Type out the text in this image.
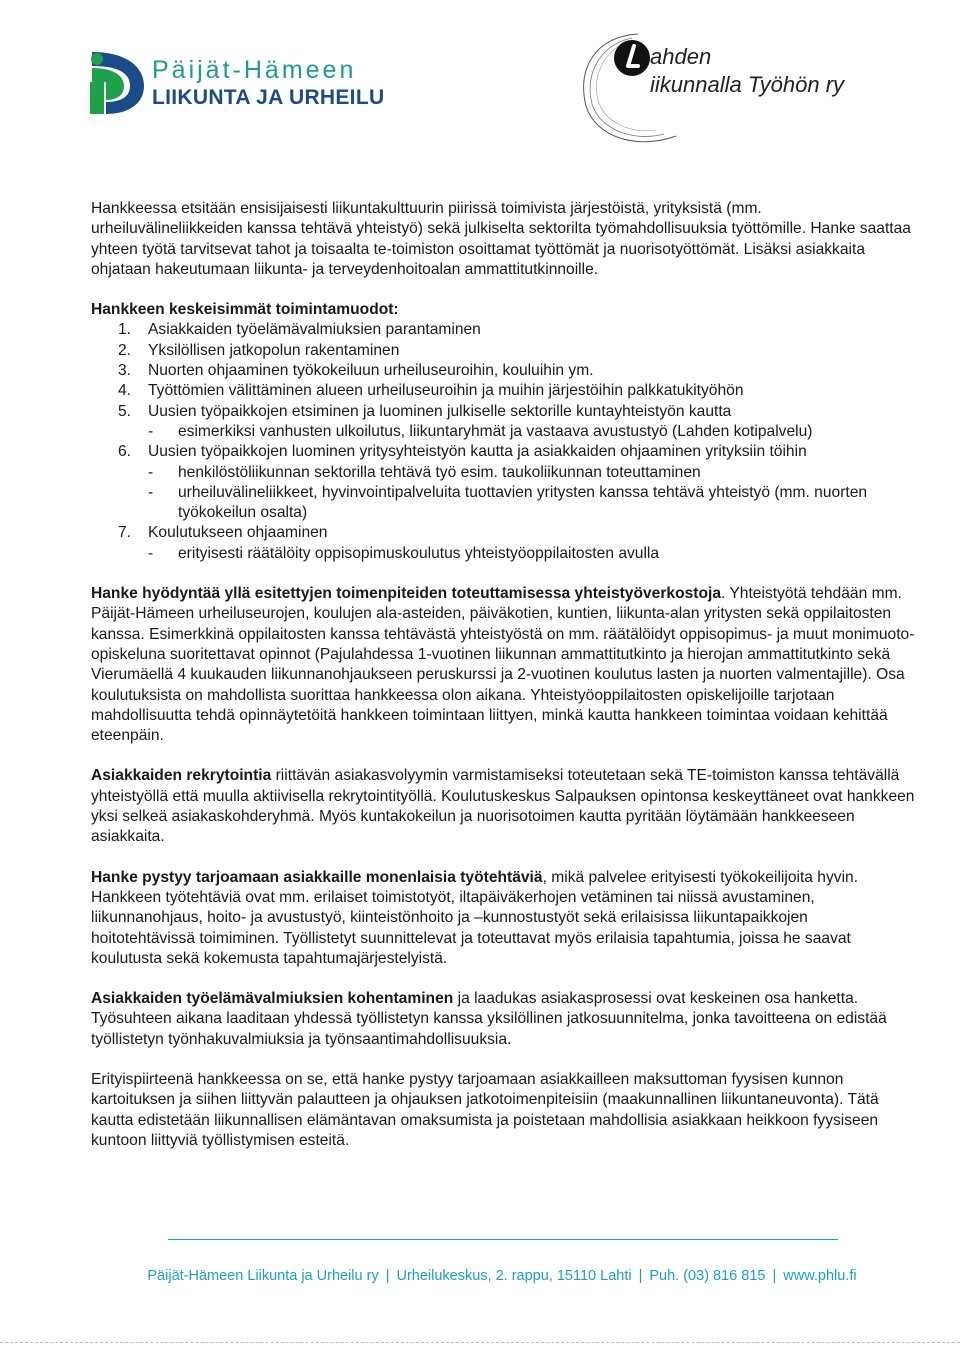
Päijät-Hämeen
LIIKUNTA JA URHEILU
ahden
iikunnalla Työhön ry

Hankkeessa etsitään ensisijaisesti liikuntakulttuurin piirissä toimivista järjestöistä, yrityksistä (mm. urheiluvälineliikkeiden kanssa tehtävä yhteistyö) sekä julkiselta sektorilta työmahdollisuuksia työttömille. Hanke saattaa yhteen työtä tarvitsevat tahot ja toisaalta te-toimiston osoittamat työttömät ja nuorisotyöttömät. Lisäksi asiakkaita ohjataan hakeutumaan liikunta- ja terveydenhoitoalan ammattitutkinnoille.

Hankkeen keskeisimmät toimintamuodot:

1. Asiakkaiden työelämävalmiuksien parantaminen
2. Yksilöllisen jatkopolun rakentaminen
3. Nuorten ohjaaminen työkokeiluun urheiluseuroihin, kouluihin ym.
4. Työttömien välittäminen alueen urheiluseuroihin ja muihin järjestöihin palkkatukityöhön
5. Uusien työpaikkojen etsiminen ja luominen julkiselle sektorille kuntayhteistyön kautta
- esimerkiksi vanhusten ulkoilutus, liikuntaryhmät ja vastaava avustustyö (Lahden kotipalvelu)
6. Uusien työpaikkojen luominen yritysyhteistyön kautta ja asiakkaiden ohjaaminen yrityksiin töihin
- henkilöstöliikunnan sektorilla tehtävä työ esim. taukoliikunnan toteuttaminen
- urheiluvälineliikkeet, hyvinvointipalveluita tuottavien yritysten kanssa tehtävä yhteistyö (mm. nuorten työkokeilun osalta)
7. Koulutukseen ohjaaminen
- erityisesti räätälöity oppisopimuskoulutus yhteistyöoppilaitosten avulla

Hanke hyödyntää yllä esitettyjen toimenpiteiden toteuttamisessa yhteistyöverkostoja. Yhteistyötä tehdään mm. Päijät-Hämeen urheiluseurojen, koulujen ala-asteiden, päiväkotien, kuntien, liikunta-alan yritysten sekä oppilaitosten kanssa. Esimerkkinä oppilaitosten kanssa tehtävästä yhteistyöstä on mm. räätälöidyt oppisopimus- ja muut monimuoto-opiskeluna suoritettavat opinnot (Pajulahdessa 1-vuotinen liikunnan ammattitutkinto ja hierojan ammattitutkinto sekä Vierumäellä 4 kuukauden liikunnanohjaukseen peruskurssi ja 2-vuotinen koulutus lasten ja nuorten valmentajille). Osa koulutuksista on mahdollista suorittaa hankkeessa olon aikana. Yhteistyöoppilaitosten opiskelijoille tarjotaan mahdollisuutta tehdä opinnäytetöitä hankkeen toimintaan liittyen, minkä kautta hankkeen toimintaa voidaan kehittää eteenpäin.

Asiakkaiden rekrytointia riittävän asiakasvolyymin varmistamiseksi toteutetaan sekä TE-toimiston kanssa tehtävällä yhteistyöllä että muulla aktiivisella rekrytointityöllä. Koulutuskeskus Salpauksen opintonsa keskeyttäneet ovat hankkeen yksi selkeä asiakaskohderyhmä. Myös kuntakokeilun ja nuorisotoimen kautta pyritään löytämään hankkeeseen asiakkaita.

Hanke pystyy tarjoamaan asiakkaille monenlaisia työtehtäviä, mikä palvelee erityisesti työkokeilijoita hyvin. Hankkeen työtehtäviä ovat mm. erilaiset toimistotyöt, iltapäiväkerhojen vetäminen tai niissä avustaminen, liikunnanohjaus, hoito- ja avustustyö, kiinteistönhoito ja –kunnostustyöt sekä erilaisissa liikuntapaikkojen hoitotehtävissä toimiminen. Työllistetyt suunnittelevat ja toteuttavat myös erilaisia tapahtumia, joissa he saavat koulutusta sekä kokemusta tapahtumajärjestelyistä.

Asiakkaiden työelämävalmiuksien kohentaminen ja laadukas asiakasprosessi ovat keskeinen osa hanketta. Työsuhteen aikana laaditaan yhdessä työllistetyn kanssa yksilöllinen jatkosuunnitelma, jonka tavoitteena on edistää työllistetyn työnhakuvalmiuksia ja työnsaantimahdollisuuksia.

Erityispiirteenä hankkeessa on se, että hanke pystyy tarjoamaan asiakkailleen maksuttoman fyysisen kunnon kartoituksen ja siihen liittyvän palautteen ja ohjauksen jatkotoimenpiteisiin (maakunnallinen liikuntaneuvonta). Tätä kautta edistetään liikunnallisen elämäntavan omaksumista ja poistetaan mahdollisia asiakkaan heikkoon fyysiseen kuntoon liittyviä työllistymisen esteitä.

Päijät-Hämeen Liikunta ja Urheilu ry | Urheilukeskus, 2. rappu, 15110 Lahti | Puh. (03) 816 815 | www.phlu.fi
